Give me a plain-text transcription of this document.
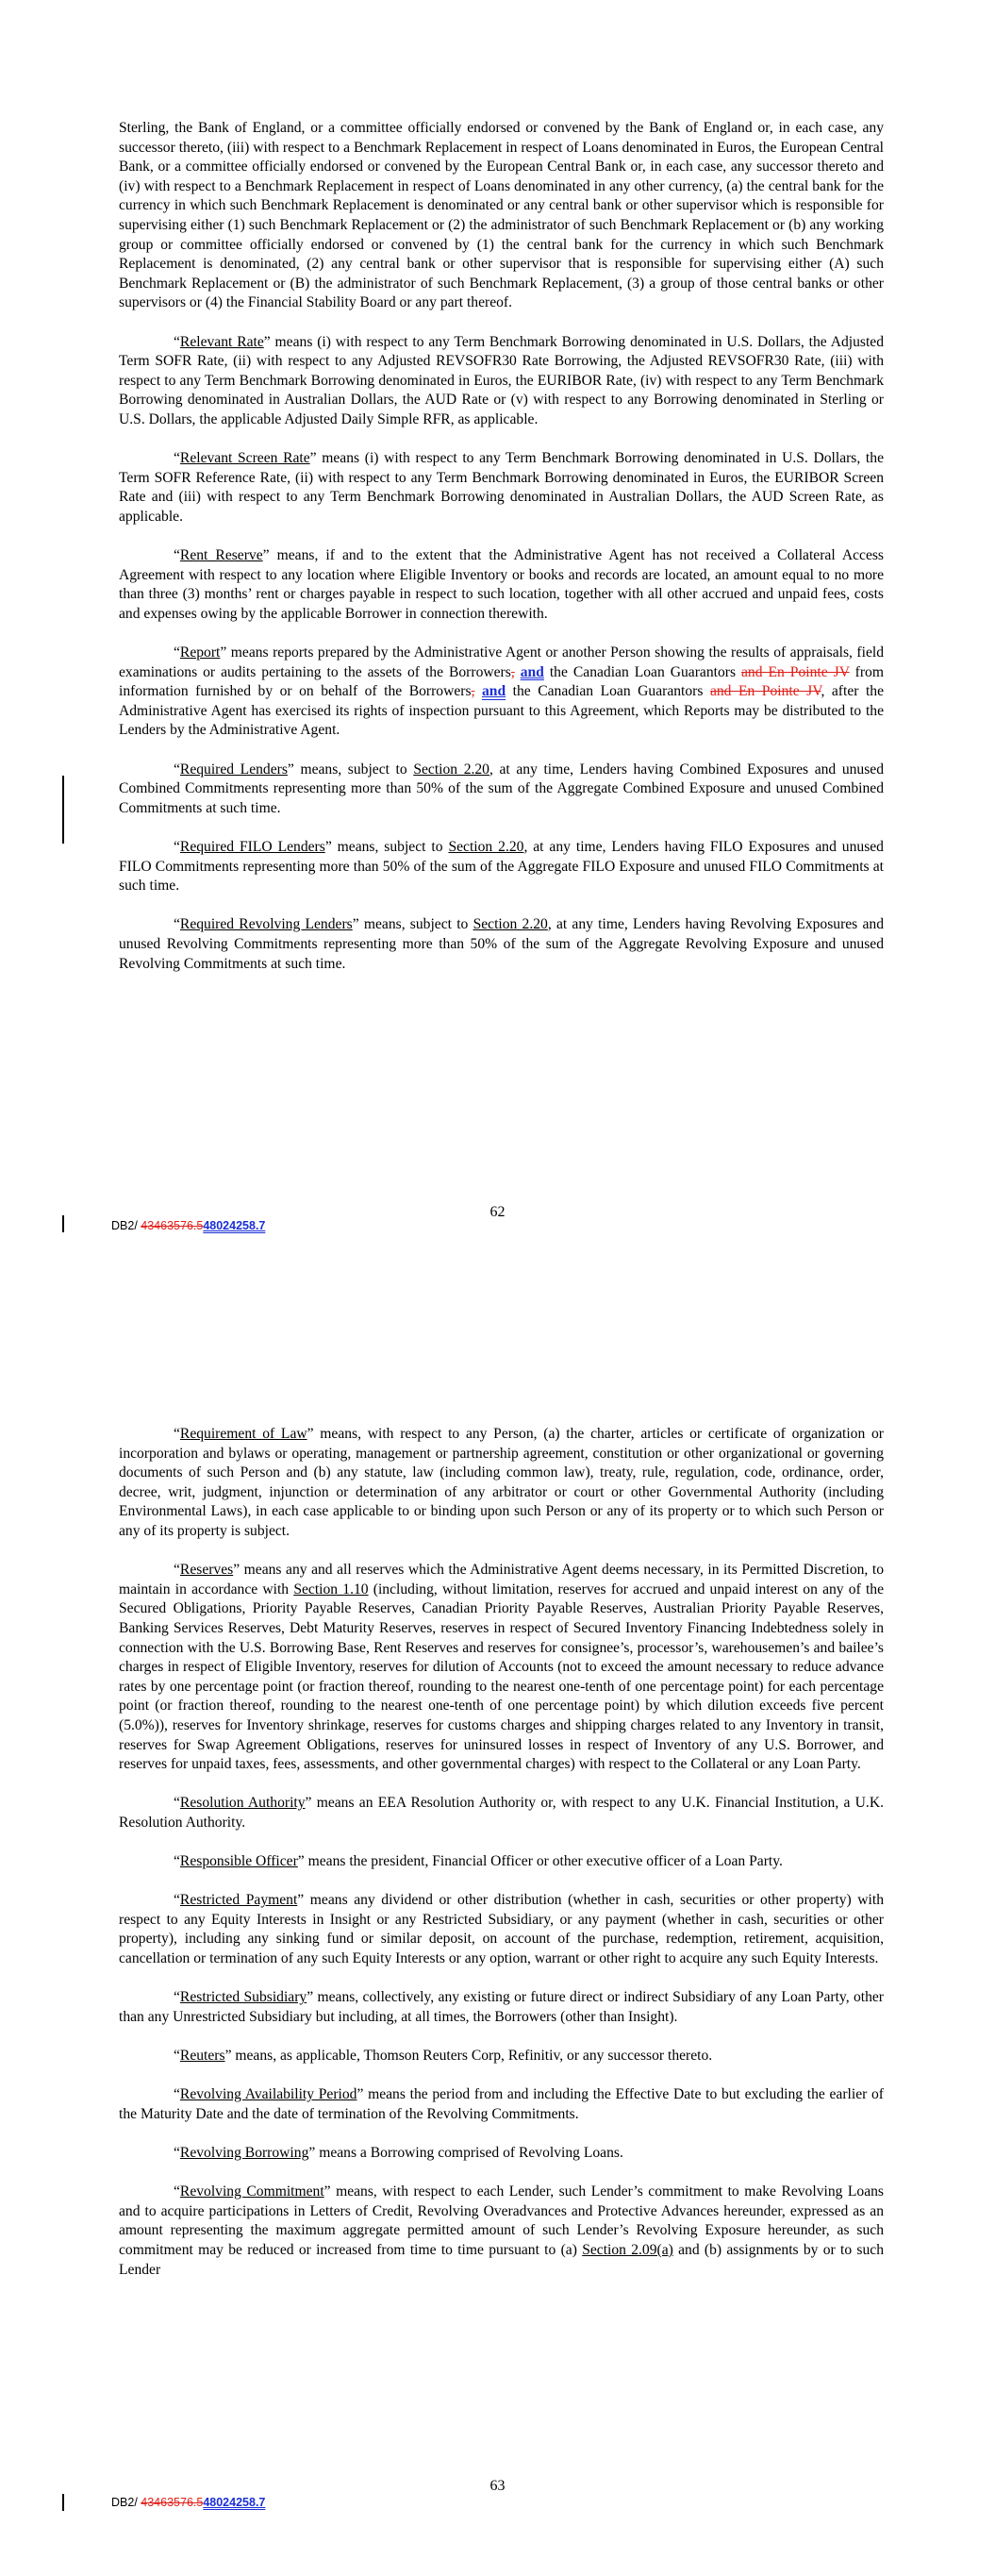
Sterling, the Bank of England, or a committee officially endorsed or convened by the Bank of England or, in each case, any successor thereto, (iii) with respect to a Benchmark Replacement in respect of Loans denominated in Euros, the European Central Bank, or a committee officially endorsed or convened by the European Central Bank or, in each case, any successor thereto and (iv) with respect to a Benchmark Replacement in respect of Loans denominated in any other currency, (a) the central bank for the currency in which such Benchmark Replacement is denominated or any central bank or other supervisor which is responsible for supervising either (1) such Benchmark Replacement or (2) the administrator of such Benchmark Replacement or (b) any working group or committee officially endorsed or convened by (1) the central bank for the currency in which such Benchmark Replacement is denominated, (2) any central bank or other supervisor that is responsible for supervising either (A) such Benchmark Replacement or (B) the administrator of such Benchmark Replacement, (3) a group of those central banks or other supervisors or (4) the Financial Stability Board or any part thereof.

“Relevant Rate” means (i) with respect to any Term Benchmark Borrowing denominated in U.S. Dollars, the Adjusted Term SOFR Rate, (ii) with respect to any Adjusted REVSOFR30 Rate Borrowing, the Adjusted REVSOFR30 Rate, (iii) with respect to any Term Benchmark Borrowing denominated in Euros, the EURIBOR Rate, (iv) with respect to any Term Benchmark Borrowing denominated in Australian Dollars, the AUD Rate or (v) with respect to any Borrowing denominated in Sterling or U.S. Dollars, the applicable Adjusted Daily Simple RFR, as applicable.

“Relevant Screen Rate” means (i) with respect to any Term Benchmark Borrowing denominated in U.S. Dollars, the Term SOFR Reference Rate, (ii) with respect to any Term Benchmark Borrowing denominated in Euros, the EURIBOR Screen Rate and (iii) with respect to any Term Benchmark Borrowing denominated in Australian Dollars, the AUD Screen Rate, as applicable.

“Rent Reserve” means, if and to the extent that the Administrative Agent has not received a Collateral Access Agreement with respect to any location where Eligible Inventory or books and records are located, an amount equal to no more than three (3) months’ rent or charges payable in respect to such location, together with all other accrued and unpaid fees, costs and expenses owing by the applicable Borrower in connection therewith.

“Report” means reports prepared by the Administrative Agent or another Person showing the results of appraisals, field examinations or audits pertaining to the assets of the Borrowers, and the Canadian Loan Guarantors and En Pointe JV from information furnished by or on behalf of the Borrowers, and the Canadian Loan Guarantors and En Pointe JV, after the Administrative Agent has exercised its rights of inspection pursuant to this Agreement, which Reports may be distributed to the Lenders by the Administrative Agent.

“Required Lenders” means, subject to Section 2.20, at any time, Lenders having Combined Exposures and unused Combined Commitments representing more than 50% of the sum of the Aggregate Combined Exposure and unused Combined Commitments at such time.

“Required FILO Lenders” means, subject to Section 2.20, at any time, Lenders having FILO Exposures and unused FILO Commitments representing more than 50% of the sum of the Aggregate FILO Exposure and unused FILO Commitments at such time.

“Required Revolving Lenders” means, subject to Section 2.20, at any time, Lenders having Revolving Exposures and unused Revolving Commitments representing more than 50% of the sum of the Aggregate Revolving Exposure and unused Revolving Commitments at such time.

62
DB2/ 43463576.548024258.7

“Requirement of Law” means, with respect to any Person, (a) the charter, articles or certificate of organization or incorporation and bylaws or operating, management or partnership agreement, constitution or other organizational or governing documents of such Person and (b) any statute, law (including common law), treaty, rule, regulation, code, ordinance, order, decree, writ, judgment, injunction or determination of any arbitrator or court or other Governmental Authority (including Environmental Laws), in each case applicable to or binding upon such Person or any of its property or to which such Person or any of its property is subject.

“Reserves” means any and all reserves which the Administrative Agent deems necessary, in its Permitted Discretion, to maintain in accordance with Section 1.10 (including, without limitation, reserves for accrued and unpaid interest on any of the Secured Obligations, Priority Payable Reserves, Canadian Priority Payable Reserves, Australian Priority Payable Reserves, Banking Services Reserves, Debt Maturity Reserves, reserves in respect of Secured Inventory Financing Indebtedness solely in connection with the U.S. Borrowing Base, Rent Reserves and reserves for consignee’s, processor’s, warehousemen’s and bailee’s charges in respect of Eligible Inventory, reserves for dilution of Accounts (not to exceed the amount necessary to reduce advance rates by one percentage point (or fraction thereof, rounding to the nearest one-tenth of one percentage point) for each percentage point (or fraction thereof, rounding to the nearest one-tenth of one percentage point) by which dilution exceeds five percent (5.0%)), reserves for Inventory shrinkage, reserves for customs charges and shipping charges related to any Inventory in transit, reserves for Swap Agreement Obligations, reserves for uninsured losses in respect of Inventory of any U.S. Borrower, and reserves for unpaid taxes, fees, assessments, and other governmental charges) with respect to the Collateral or any Loan Party.

“Resolution Authority” means an EEA Resolution Authority or, with respect to any U.K. Financial Institution, a U.K. Resolution Authority.

“Responsible Officer” means the president, Financial Officer or other executive officer of a Loan Party.

“Restricted Payment” means any dividend or other distribution (whether in cash, securities or other property) with respect to any Equity Interests in Insight or any Restricted Subsidiary, or any payment (whether in cash, securities or other property), including any sinking fund or similar deposit, on account of the purchase, redemption, retirement, acquisition, cancellation or termination of any such Equity Interests or any option, warrant or other right to acquire any such Equity Interests.

“Restricted Subsidiary” means, collectively, any existing or future direct or indirect Subsidiary of any Loan Party, other than any Unrestricted Subsidiary but including, at all times, the Borrowers (other than Insight).

“Reuters” means, as applicable, Thomson Reuters Corp, Refinitiv, or any successor thereto.

“Revolving Availability Period” means the period from and including the Effective Date to but excluding the earlier of the Maturity Date and the date of termination of the Revolving Commitments.

“Revolving Borrowing” means a Borrowing comprised of Revolving Loans.

“Revolving Commitment” means, with respect to each Lender, such Lender’s commitment to make Revolving Loans and to acquire participations in Letters of Credit, Revolving Overadvances and Protective Advances hereunder, expressed as an amount representing the maximum aggregate permitted amount of such Lender’s Revolving Exposure hereunder, as such commitment may be reduced or increased from time to time pursuant to (a) Section 2.09(a) and (b) assignments by or to such Lender

63
DB2/ 43463576.548024258.7
